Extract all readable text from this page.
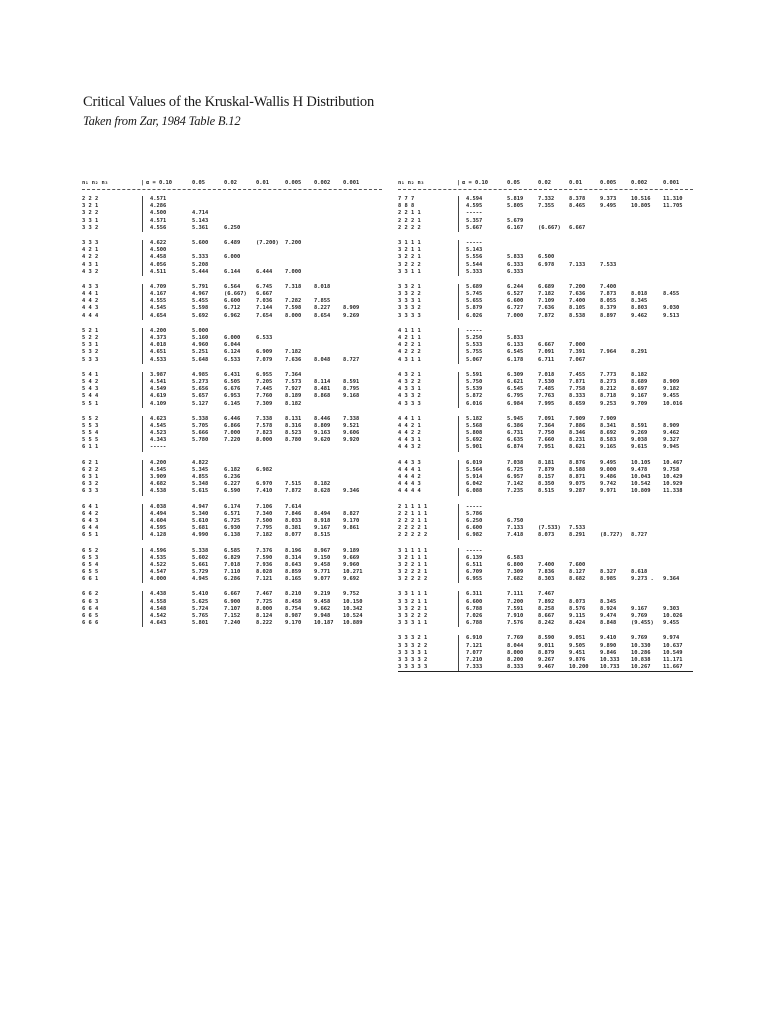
Critical Values of the Kruskal-Wallis H Distribution
Taken from Zar, 1984 Table B.12
n₁ n₂ n₃	| α = 0.10	0.05	0.02	0.01	0.005 0.002 0.001
2 2 2	4.571
3 2 1	4.286
3 2 2	4.500	4.714
3 3 1	4.571	5.143
3 3 2	4.556	5.361	6.250
3 3 3	4.622	5.600	6.489	(7.200) 7.200
4 2 1	4.500
4 2 2	4.458	5.333	6.000
4 3 1	4.056	5.208
4 3 2	4.511	5.444	6.144	6.444 7.000
4 3 3	4.709	5.791	6.564	6.745 7.318 8.018
4 4 1	4.167	4.967	(6.667) 6.667
4 4 2	4.555	5.455	6.600	7.036 7.282 7.855
4 4 3	4.545	5.598	6.712	7.144 7.598 8.227 8.909
4 4 4	4.654	5.692	6.962	7.654 8.000 8.654 9.269
5 2 1	4.200	5.000
5 2 2	4.373	5.160	6.000	6.533
5 3 1	4.018	4.960	6.044
5 3 2	4.651	5.251	6.124	6.909 7.182
5 3 3	4.533	5.648	6.533	7.079 7.636 8.048 8.727
5 4 1	3.987	4.985	6.431	6.955 7.364
5 4 2	4.541	5.273	6.505	7.205 7.573 8.114 8.591
5 4 3	4.549	5.656	6.676	7.445 7.927 8.481 8.795
5 4 4	4.619	5.657	6.953	7.760 8.189 8.868 9.168
5 5 1	4.109	5.127	6.145	7.309 8.182
5 5 2	4.623	5.338	6.446	7.338 8.131 8.446 7.338
5 5 3	4.545	5.705	6.866	7.578 8.316 8.809 9.521
5 5 4	4.523	5.666	7.000	7.823 8.523 9.163 9.606
5 5 5	4.343	5.780	7.220	8.000 8.780 9.620 9.920
6 1 1	-----
6 2 1	4.200	4.822
6 2 2	4.545	5.345	6.182	6.982
6 3 1	3.909	4.855	6.236
6 3 2	4.682	5.348	6.227	6.970 7.515 8.182
6 3 3	4.538	5.615	6.590	7.410 7.872 8.628 9.346
6 4 1	4.038	4.947	6.174	7.106 7.614
6 4 2	4.494	5.340	6.571	7.340 7.846 8.494 8.827
6 4 3	4.604	5.610	6.725	7.500 8.033 8.918 9.170
6 4 4	4.595	5.681	6.930	7.795 8.381 9.167 9.861
6 5 1	4.128	4.990	6.138	7.182 8.077 8.515
6 5 2	4.596	5.338	6.585	7.376 8.196 8.967 9.189
6 5 3	4.535	5.602	6.829	7.590 8.314 9.150 9.669
6 5 4	4.522	5.661	7.018	7.936 8.643 9.458 9.960
6 5 5	4.547	5.729	7.110	8.028 8.859 9.771 10.271
6 6 1	4.000	4.945	6.286	7.121 8.165 9.077 9.692
6 6 2	4.438	5.410	6.667	7.467 8.210 9.219 9.752
6 6 3	4.558	5.625	6.900	7.725 8.458 9.458 10.150
6 6 4	4.548	5.724	7.107	8.000 8.754 9.662 10.342
6 6 5	4.542	5.765	7.152	8.124 8.987 9.948 10.524
6 6 6	4.643	5.801	7.240	8.222 9.170 10.187 10.889
n₁ n₂ n₃	| α = 0.10	0.05	0.02	0.01	0.005	0.002	0.001
7 7 7	4.594	5.819	7.332	8.378	9.373	10.516 11.310
8 8 8	4.595	5.805	7.355	8.465	9.495	10.805 11.705
2 2 1 1	-----
2 2 2 1	5.357	5.679
2 2 2 2	5.667	6.167	(6.667) 6.667
3 1 1 1	-----
3 2 1 1	5.143
3 2 2 1	5.556	5.833	6.500
3 2 2 2	5.544	6.333	6.978	7.133	7.533
3 3 1 1	5.333	6.333
3 3 2 1	5.689	6.244	6.689	7.200	7.400
3 3 2 2	5.745	6.527	7.182	7.636	7.873	8.018	8.455
3 3 3 1	5.655	6.600	7.109	7.400	8.055	8.345
3 3 3 2	5.879	6.727	7.636	8.105	8.379	8.803	9.030
3 3 3 3	6.026	7.000	7.872	8.538	8.897	9.462	9.513
4 1 1 1	-----
4 2 1 1	5.250	5.833
4 2 2 1	5.533	6.133	6.667	7.000
4 2 2 2	5.755	6.545	7.091	7.391	7.964	8.291
4 3 1 1	5.067	6.178	6.711	7.067
4 3 2 1	5.591	6.309	7.018	7.455	7.773	8.182
4 3 2 2	5.750	6.621	7.530	7.871	8.273	8.689	8.909
4 3 3 1	5.539	6.545	7.485	7.758	8.212	8.697	9.182
4 3 3 2	5.872	6.795	7.763	8.333	8.718	9.167	9.455
4 3 3 3	6.016	6.984	7.995	8.659	9.253	9.709	10.016
4 4 1 1	5.182	5.945	7.091	7.909	7.909
4 4 2 1	5.568	6.386	7.364	7.886	8.341	8.591	8.909
4 4 2 2	5.808	6.731	7.750	8.346	8.692	9.269	9.462
4 4 3 1	5.692	6.635	7.660	8.231	8.583	9.038	9.327
4 4 3 2	5.901	6.874	7.951	8.621	9.165	9.615	9.945
4 4 3 3	6.019	7.038	8.181	8.876	9.495	10.105 10.467
4 4 4 1	5.564	6.725	7.879	8.588	9.000	9.478	9.758
4 4 4 2	5.914	6.957	8.157	8.871	9.486	10.043 10.429
4 4 4 3	6.042	7.142	8.350	9.075	9.742	10.542 10.929
4 4 4 4	6.088	7.235	8.515	9.287	9.971	10.809 11.338
2 1 1 1 1	-----
2 2 1 1 1	5.786
2 2 2 1 1	6.250	6.750
2 2 2 2 1	6.600	7.133	(7.533) 7.533
2 2 2 2 2	6.982	7.418	8.073	8.291	(8.727) 8.727
3 1 1 1 1	-----
3 2 1 1 1	6.139	6.583
3 2 2 1 1	6.511	6.800	7.400	7.600
3 2 2 2 1	6.709	7.309	7.836	8.127	8.327	8.618
3 2 2 2 2	6.955	7.682	8.303	8.682	8.985	9.273 . 9.364
3 3 1 1 1	6.311	7.111	7.467
3 3 2 1 1	6.600	7.200	7.892	8.073	8.345
3 3 2 2 1	6.788	7.591	8.258	8.576	8.924	9.167	9.303
3 3 2 2 2	7.026	7.910	8.667	9.115	9.474	9.769	10.026
3 3 3 1 1	6.788	7.576	8.242	8.424	8.848	(9.455) 9.455
3 3 3 2 1	6.910	7.769	8.590	9.051	9.410	9.769	9.974
3 3 3 2 2	7.121	8.044	9.011	9.505	9.890	10.330 10.637
3 3 3 3 1	7.077	8.000	8.879	9.451	9.846	10.286 10.549
3 3 3 3 2	7.210	8.200	9.267	9.876	10.333 10.838 11.171
3 3 3 3 3	7.333	8.333	9.467	10.200 10.733 10.267 11.667
